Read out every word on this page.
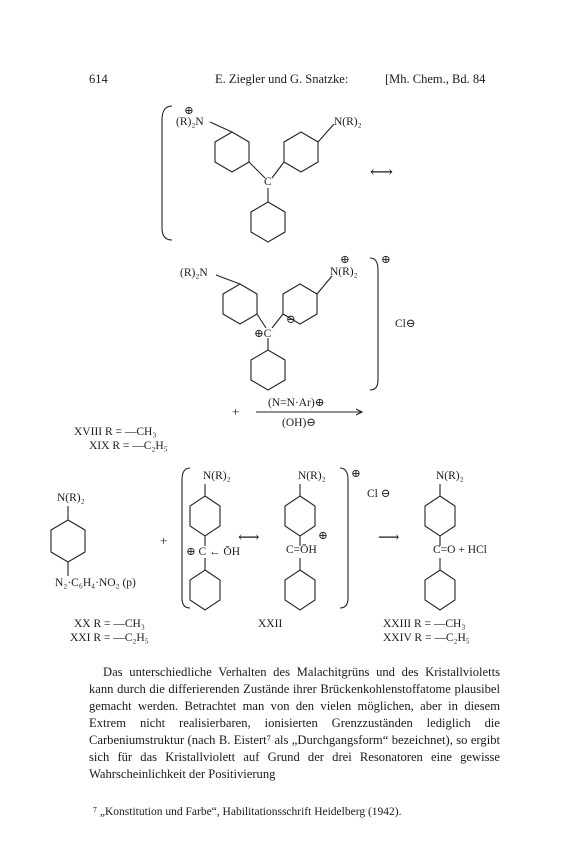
614	E. Ziegler und G. Snatzke:	[Mh. Chem., Bd. 84
⊕
(R)₂N	N(R)₂
C
⟷
⊕	⊕
(R)₂N	N(R)₂
⊕C
⊖	Cl⊖
+
(N=N·Ar)⊕
(OH)⊖
XVIII R = —CH₃
XIX R = —C₂H₅
N(R)₂
N₂·C₆H₄·NO₂ (p)
+
N(R)₂
⊕ C ← ŌH
⟷
N(R)₂
⊕
C=ŌH
⊕
Cl ⊖
⟶
N(R)₂
C=O + HCl
XX R = —CH₃
XXI R = —C₂H₅
XXII	XXIII R = —CH₃
XXIV R = —C₂H₅

Das unterschiedliche Verhalten des Malachitgrüns und des Kristallvioletts kann durch die differierenden Zustände ihrer Brückenkohlenstoffatome plausibel gemacht werden. Betrachtet man von den vielen möglichen, aber in diesem Extrem nicht realisierbaren, ionisierten Grenzzuständen lediglich die Carbeniumstruktur (nach B. Eistert⁷ als „Durchgangsform“ bezeichnet), so ergibt sich für das Kristallviolett auf Grund der drei Resonatoren eine gewisse Wahrscheinlichkeit der Positivierung

⁷ „Konstitution und Farbe“, Habilitationsschrift Heidelberg (1942).
